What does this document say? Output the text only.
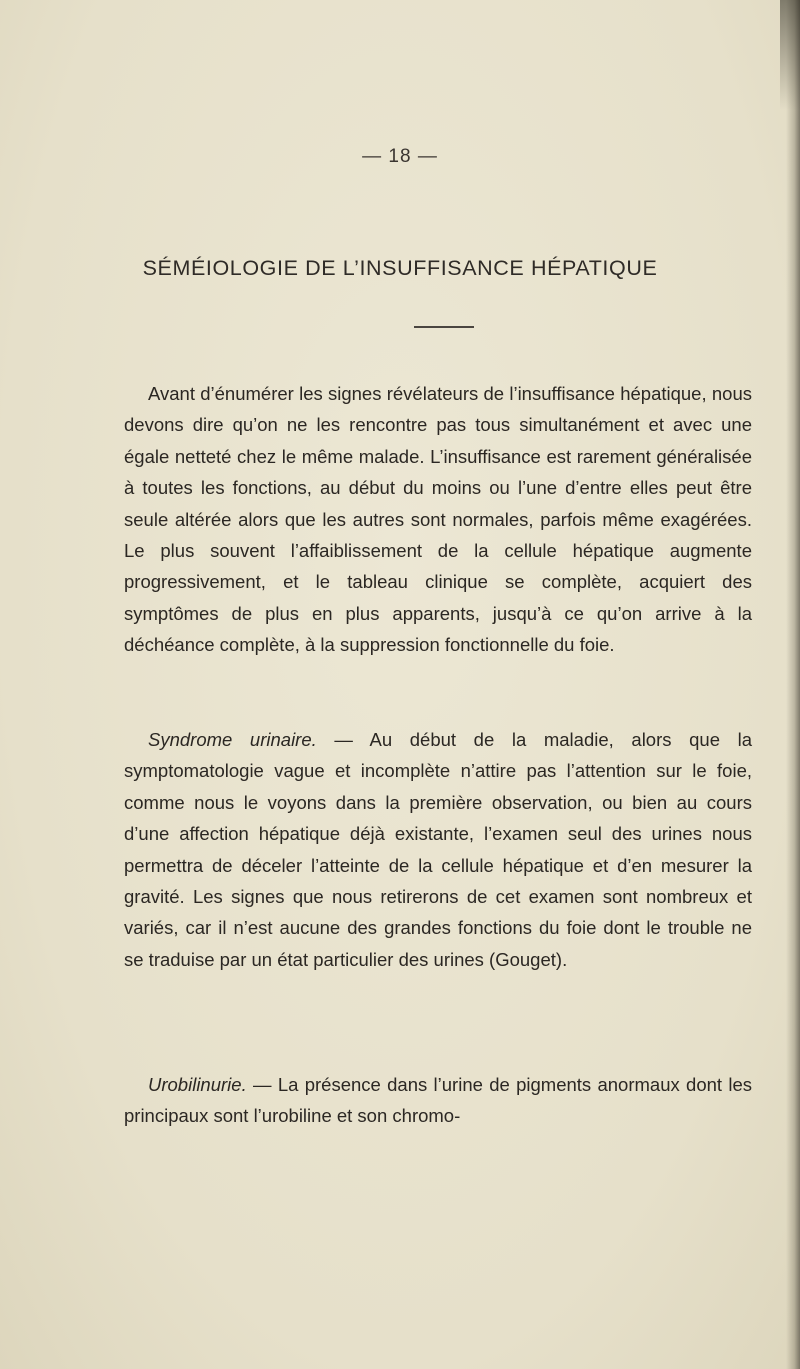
— 18 —
SÉMÉIOLOGIE DE L’INSUFFISANCE HÉPATIQUE

Avant d’énumérer les signes révélateurs de l’insuffisance hépatique, nous devons dire qu’on ne les rencontre pas tous simultanément et avec une égale netteté chez le même malade. L’insuffisance est rarement généralisée à toutes les fonctions, au début du moins ou l’une d’entre elles peut être seule altérée alors que les autres sont normales, parfois même exagérées. Le plus souvent l’affaiblissement de la cellule hépatique augmente progressivement, et le tableau clinique se complète, acquiert des symptômes de plus en plus apparents, jusqu’à ce qu’on arrive à la déchéance complète, à la suppression fonctionnelle du foie.

Syndrome urinaire. — Au début de la maladie, alors que la symptomatologie vague et incomplète n’attire pas l’attention sur le foie, comme nous le voyons dans la première observation, ou bien au cours d’une affection hépatique déjà existante, l’examen seul des urines nous permettra de déceler l’atteinte de la cellule hépatique et d’en mesurer la gravité. Les signes que nous retirerons de cet examen sont nombreux et variés, car il n’est aucune des grandes fonctions du foie dont le trouble ne se traduise par un état particulier des urines (Gouget).

Urobilinurie. — La présence dans l’urine de pigments anormaux dont les principaux sont l’urobiline et son chromo-
